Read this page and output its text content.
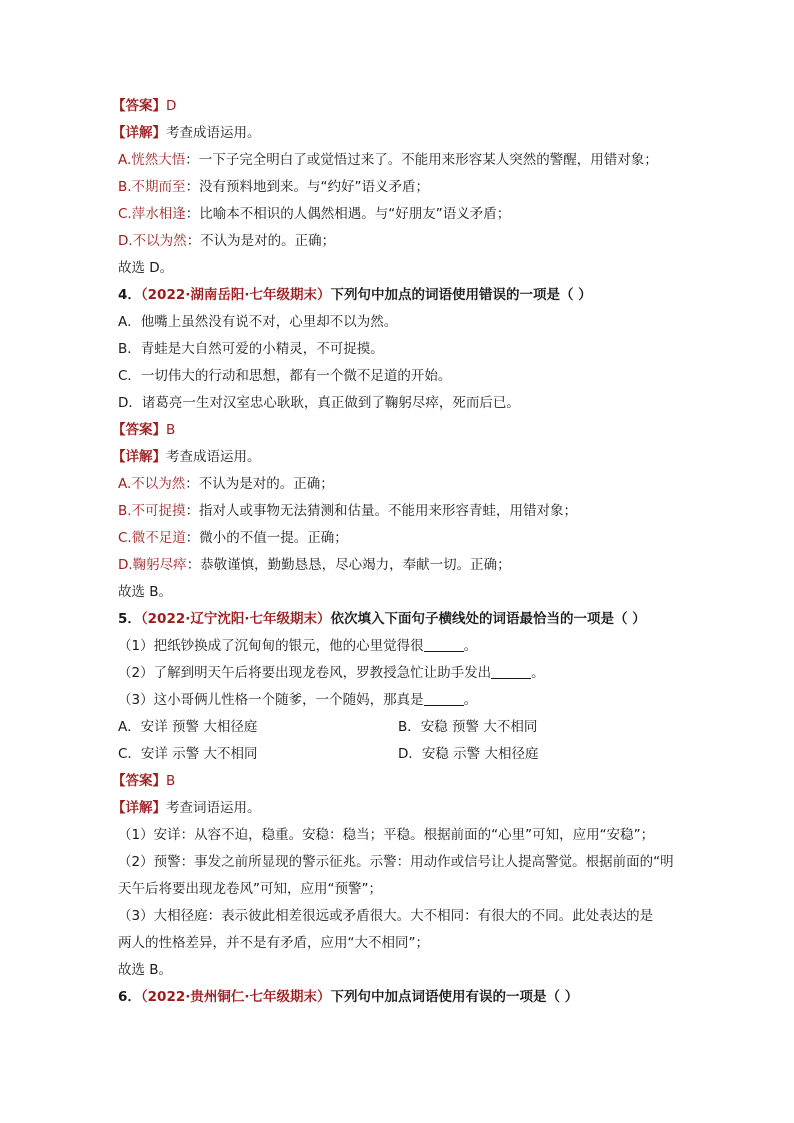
【答案】D
【详解】考查成语运用。
A.恍然大悟：一下子完全明白了或觉悟过来了。不能用来形容某人突然的警醒，用错对象；
B.不期而至：没有预料地到来。与“约好”语义矛盾；
C.萍水相逢：比喻本不相识的人偶然相遇。与“好朋友”语义矛盾；
D.不以为然：不认为是对的。正确；
故选 D。
4．（2022·湖南岳阳·七年级期末）下列句中加点的词语使用错误的一项是（ ）
A．他嘴上虽然没有说不对，心里却不以为然。
B．青蛙是大自然可爱的小精灵，不可捉摸。
C．一切伟大的行动和思想，都有一个微不足道的开始。
D．诸葛亮一生对汉室忠心耿耿，真正做到了鞠躬尽瘁，死而后已。
【答案】B
【详解】考查成语运用。
A.不以为然：不认为是对的。正确；
B.不可捉摸：指对人或事物无法猜测和估量。不能用来形容青蛙，用错对象；
C.微不足道：微小的不值一提。正确；
D.鞠躬尽瘁：恭敬谨慎，勤勤恳恳，尽心竭力，奉献一切。正确；
故选 B。
5．（2022·辽宁沈阳·七年级期末）依次填入下面句子横线处的词语最恰当的一项是（ ）
（1）把纸钞换成了沉甸甸的银元，他的心里觉得很	。
（2）了解到明天午后将要出现龙卷风，罗教授急忙让助手发出	。
（3）这小哥俩儿性格一个随爹，一个随妈，那真是	。
A．安详 预警 大相径庭	B．安稳 预警 大不相同
C．安详 示警 大不相同	D．安稳 示警 大相径庭
【答案】B
【详解】考查词语运用。
（1）安详：从容不迫，稳重。安稳：稳当；平稳。根据前面的“心里”可知，应用“安稳”；
（2）预警：事发之前所显现的警示征兆。示警：用动作或信号让人提高警觉。根据前面的“明
天午后将要出现龙卷风”可知，应用“预警”；
（3）大相径庭：表示彼此相差很远或矛盾很大。大不相同：有很大的不同。此处表达的是
两人的性格差异，并不是有矛盾，应用“大不相同”；
故选 B。
6．（2022·贵州铜仁·七年级期末）下列句中加点词语使用有误的一项是（ ）
